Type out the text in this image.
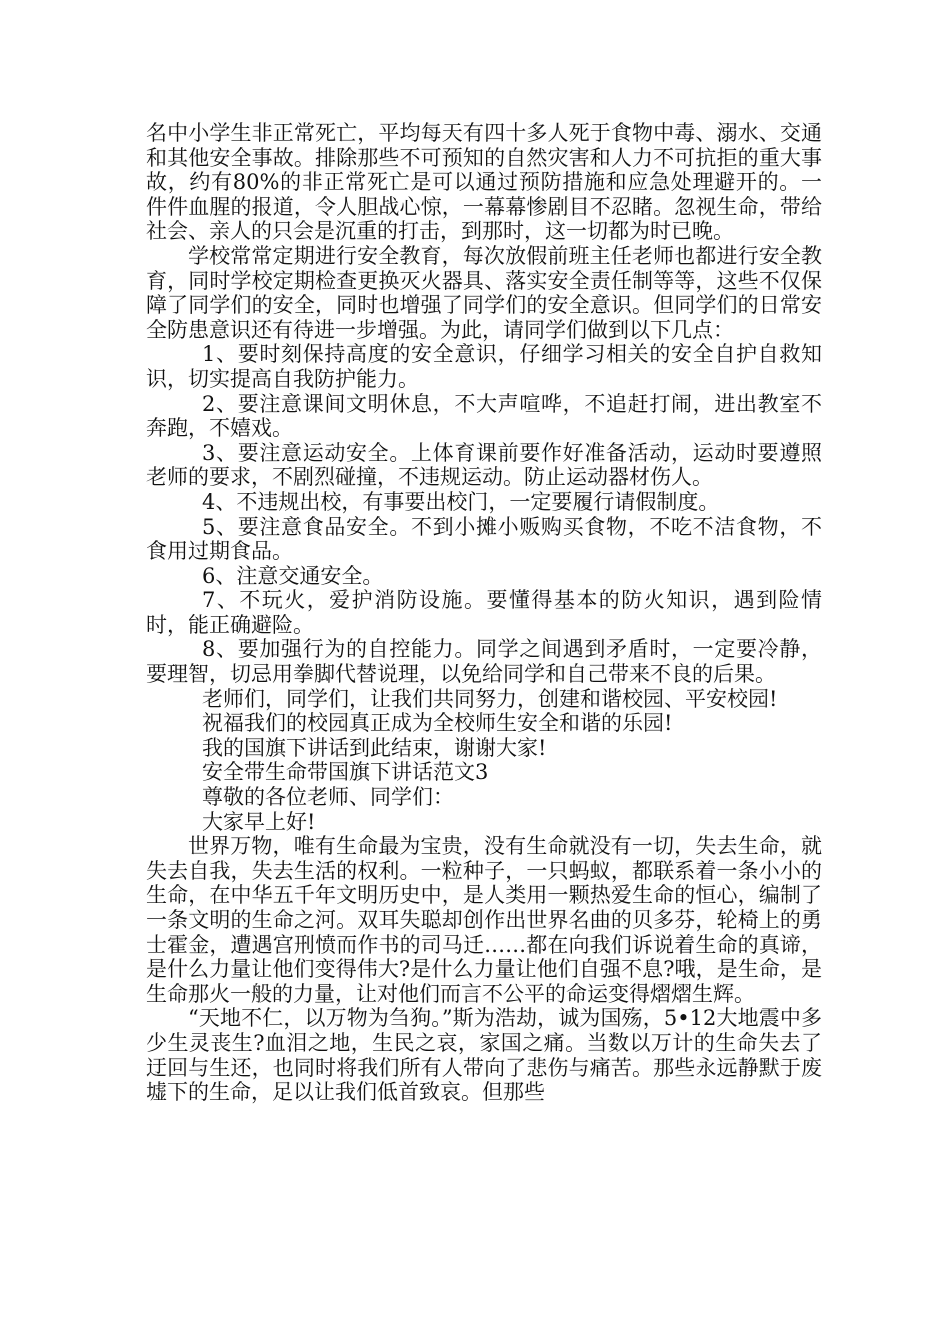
名中小学生非正常死亡，平均每天有四十多人死于食物中毒、溺水、交通和其他安全事故。排除那些不可预知的自然灾害和人力不可抗拒的重大事故，约有80%的非正常死亡是可以通过预防措施和应急处理避开的。一件件血腥的报道，令人胆战心惊，一幕幕惨剧目不忍睹。忽视生命，带给社会、亲人的只会是沉重的打击，到那时，这一切都为时已晚。

学校常常定期进行安全教育，每次放假前班主任老师也都进行安全教育，同时学校定期检查更换灭火器具、落实安全责任制等等，这些不仅保障了同学们的安全，同时也增强了同学们的安全意识。但同学们的日常安全防患意识还有待进一步增强。为此，请同学们做到以下几点：

1、要时刻保持高度的安全意识，仔细学习相关的安全自护自救知识，切实提高自我防护能力。

2、要注意课间文明休息，不大声喧哗，不追赶打闹，进出教室不奔跑，不嬉戏。

3、要注意运动安全。上体育课前要作好准备活动，运动时要遵照老师的要求，不剧烈碰撞，不违规运动。防止运动器材伤人。

4、不违规出校，有事要出校门，一定要履行请假制度。

5、要注意食品安全。不到小摊小贩购买食物，不吃不洁食物，不食用过期食品。

6、注意交通安全。

7、不玩火，爱护消防设施。要懂得基本的防火知识，遇到险情时，能正确避险。

8、要加强行为的自控能力。同学之间遇到矛盾时，一定要冷静，要理智，切忌用拳脚代替说理，以免给同学和自己带来不良的后果。

老师们，同学们，让我们共同努力，创建和谐校园、平安校园!

祝福我们的校园真正成为全校师生安全和谐的乐园!

我的国旗下讲话到此结束，谢谢大家!

安全带生命带国旗下讲话范文3

尊敬的各位老师、同学们：

大家早上好!

世界万物，唯有生命最为宝贵，没有生命就没有一切，失去生命，就失去自我，失去生活的权利。一粒种子，一只蚂蚁，都联系着一条小小的生命，在中华五千年文明历史中，是人类用一颗热爱生命的恒心，编制了一条文明的生命之河。双耳失聪却创作出世界名曲的贝多芬，轮椅上的勇士霍金，遭遇宫刑愤而作书的司马迁……都在向我们诉说着生命的真谛，是什么力量让他们变得伟大?是什么力量让他们自强不息?哦，是生命，是生命那火一般的力量，让对他们而言不公平的命运变得熠熠生辉。

“天地不仁，以万物为刍狗。”斯为浩劫，诚为国殇，5•12大地震中多少生灵丧生?血泪之地，生民之哀，家国之痛。当数以万计的生命失去了迂回与生还，也同时将我们所有人带向了悲伤与痛苦。那些永远静默于废墟下的生命，足以让我们低首致哀。但那些
